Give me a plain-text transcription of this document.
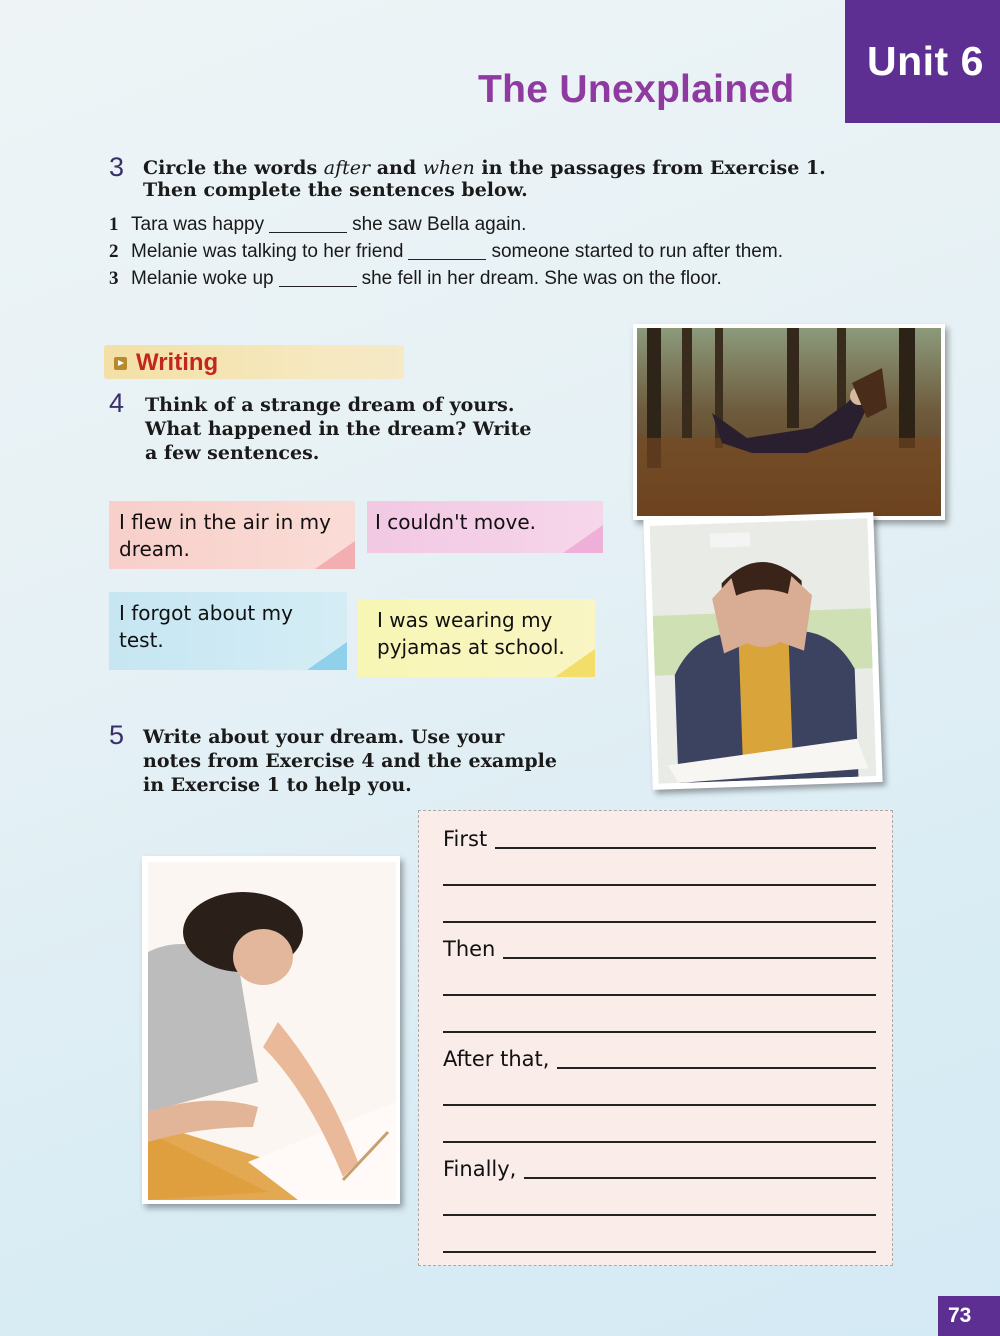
Unit 6
The Unexplained
3 Circle the words after and when in the passages from Exercise 1.
Then complete the sentences below.
1 Tara was happy	she saw Bella again.
2 Melanie was talking to her friend	someone started to run after them.
3 Melanie woke up	she fell in her dream. She was on the floor.
Writing
4 Think of a strange dream of yours.
What happened in the dream? Write
a few sentences.
I flew in the air in my dream.
I couldn't move.
I forgot about my test.
I was wearing my pyjamas at school.
5 Write about your dream. Use your
notes from Exercise 4 and the example
in Exercise 1 to help you.
First
Then
After that,
Finally,
73
